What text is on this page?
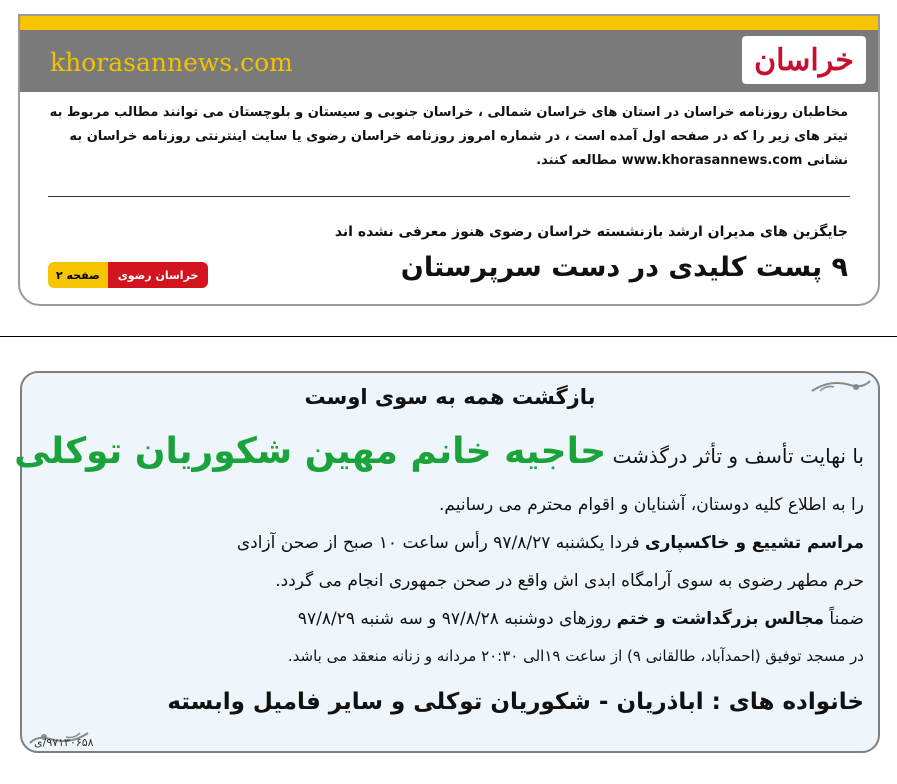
khorasannews.com	خراسان
مخاطبان روزنامه خراسان در استان های خراسان شمالی ، خراسان جنوبی و سیستان و بلوچستان می توانند مطالب مربوط به تیتر های زیر را که در صفحه اول آمده است ، در شماره امروز روزنامه خراسان رضوی یا سایت اینترنتی روزنامه خراسان به نشانی www.khorasannews.com مطالعه کنند.
جایگزین های مدیران ارشد بازنشسته خراسان رضوی هنوز معرفی نشده اند
۹ پست کلیدی در دست سرپرستان
صفحه ۲	خراسان رضوی
بازگشت همه به سوی اوست
با نهایت تأسف و تأثر درگذشت حاجیه خانم مهین شکوریان توکلی
را به اطلاع کلیه دوستان، آشنایان و اقوام محترم می رسانیم.
مراسم تشییع و خاکسپاری فردا یکشنبه ۹۷/۸/۲۷ رأس ساعت ۱۰ صبح از صحن آزادی
حرم مطهر رضوی به سوی آرامگاه ابدی اش واقع در صحن جمهوری انجام می گردد.
ضمناً مجالس بزرگداشت و ختم روزهای دوشنبه ۹۷/۸/۲۸ و سه شنبه ۹۷/۸/۲۹
در مسجد توفیق (احمدآباد، طالقانی ۹) از ساعت ۱۹الی ۲۰:۳۰ مردانه و زنانه منعقد می باشد.
خانواده های : اباذریان - شکوریان توکلی و سایر فامیل وابسته
۹۷۱۳۰۶۵۸/ی
